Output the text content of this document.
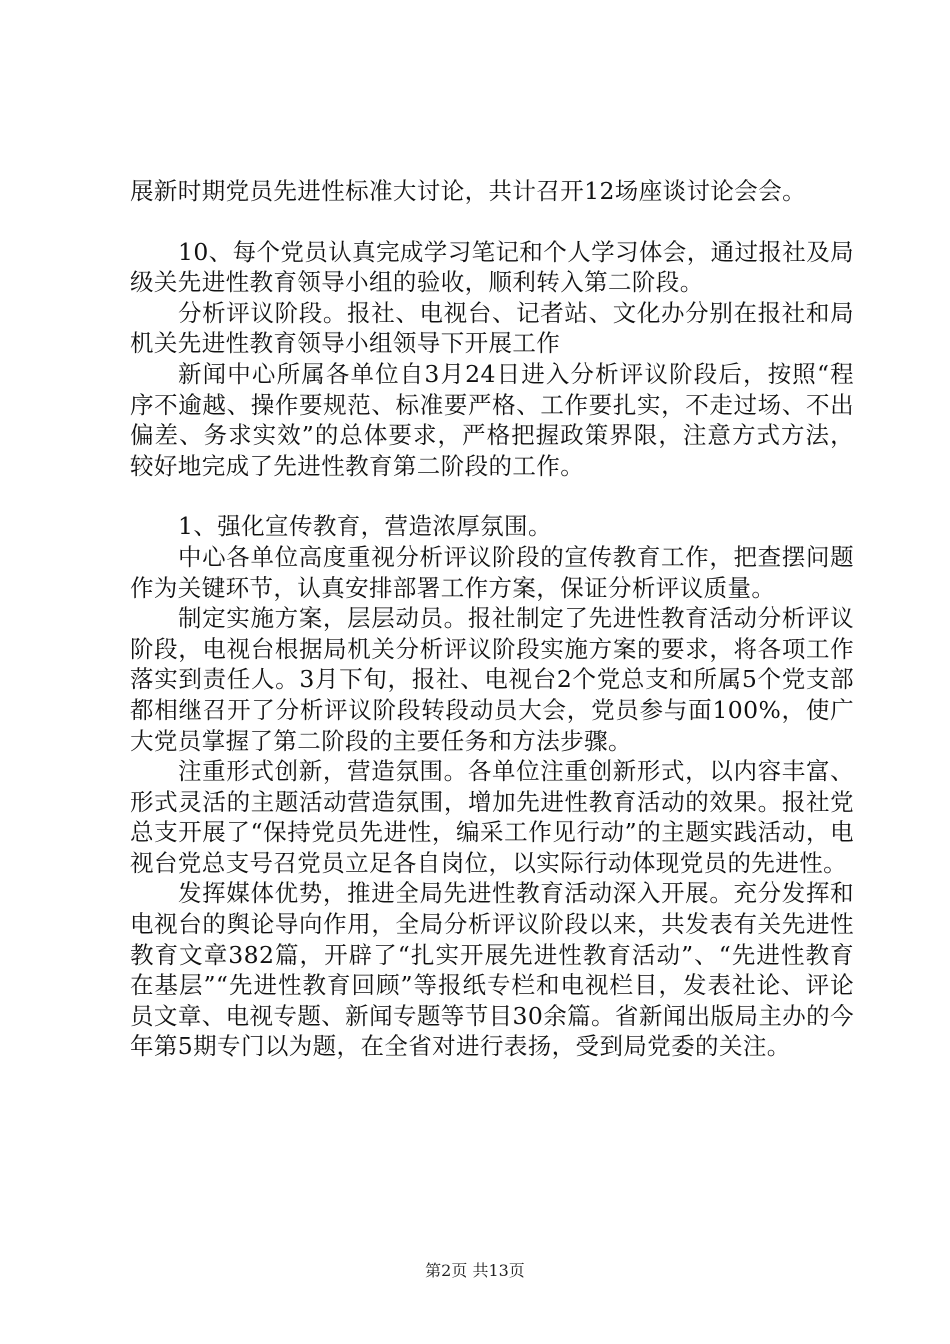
展新时期党员先进性标准大讨论，共计召开12场座谈讨论会会。

10、每个党员认真完成学习笔记和个人学习体会，通过报社及局级关先进性教育领导小组的验收，顺利转入第二阶段。

分析评议阶段。报社、电视台、记者站、文化办分别在报社和局机关先进性教育领导小组领导下开展工作

新闻中心所属各单位自3月24日进入分析评议阶段后，按照“程序不逾越、操作要规范、标准要严格、工作要扎实，不走过场、不出偏差、务求实效”的总体要求，严格把握政策界限，注意方式方法，较好地完成了先进性教育第二阶段的工作。

1、强化宣传教育，营造浓厚氛围。

中心各单位高度重视分析评议阶段的宣传教育工作，把查摆问题作为关键环节，认真安排部署工作方案，保证分析评议质量。

制定实施方案，层层动员。报社制定了先进性教育活动分析评议阶段，电视台根据局机关分析评议阶段实施方案的要求，将各项工作落实到责任人。3月下旬，报社、电视台2个党总支和所属5个党支部都相继召开了分析评议阶段转段动员大会，党员参与面100%，使广大党员掌握了第二阶段的主要任务和方法步骤。

注重形式创新，营造氛围。各单位注重创新形式，以内容丰富、形式灵活的主题活动营造氛围，增加先进性教育活动的效果。报社党总支开展了“保持党员先进性，编采工作见行动”的主题实践活动，电视台党总支号召党员立足各自岗位，以实际行动体现党员的先进性。

发挥媒体优势，推进全局先进性教育活动深入开展。充分发挥和电视台的舆论导向作用，全局分析评议阶段以来，共发表有关先进性教育文章382篇，开辟了“扎实开展先进性教育活动”、“先进性教育在基层”“先进性教育回顾”等报纸专栏和电视栏目，发表社论、评论员文章、电视专题、新闻专题等节目30余篇。省新闻出版局主办的今年第5期专门以为题，在全省对进行表扬，受到局党委的关注。

第2页 共13页
